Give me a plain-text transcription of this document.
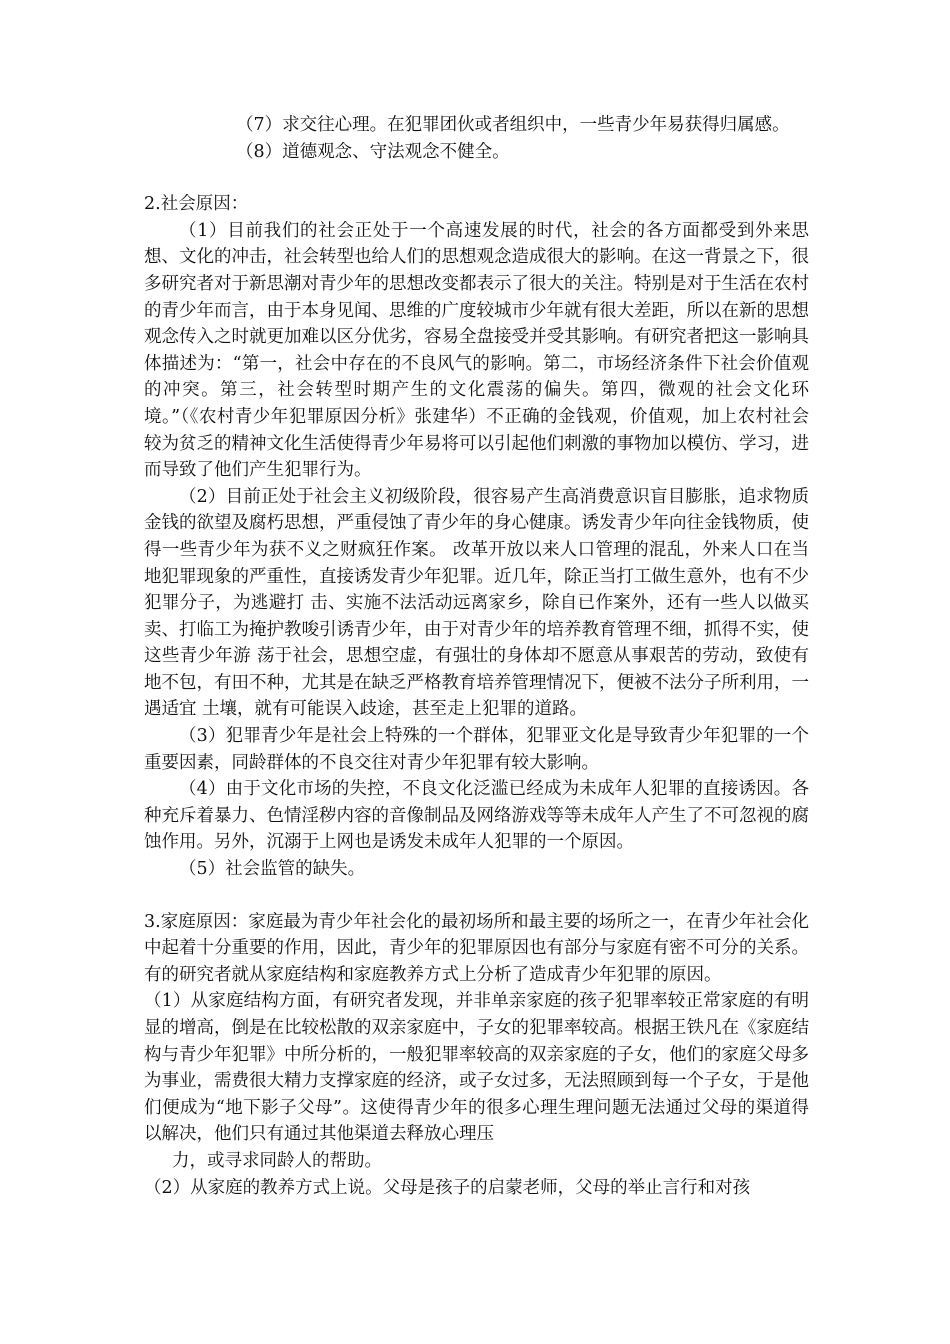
（7）求交往心理。在犯罪团伙或者组织中，一些青少年易获得归属感。

（8）道德观念、守法观念不健全。

2.社会原因：

（1）目前我们的社会正处于一个高速发展的时代，社会的各方面都受到外来思想、文化的冲击，社会转型也给人们的思想观念造成很大的影响。在这一背景之下，很多研究者对于新思潮对青少年的思想改变都表示了很大的关注。特别是对于生活在农村的青少年而言，由于本身见闻、思维的广度较城市少年就有很大差距，所以在新的思想观念传入之时就更加难以区分优劣，容易全盘接受并受其影响。有研究者把这一影响具体描述为：“第一，社会中存在的不良风气的影响。第二，市场经济条件下社会价值观的冲突。第三，社会转型时期产生的文化震荡的偏失。第四，微观的社会文化环境。”（《农村青少年犯罪原因分析》张建华）不正确的金钱观，价值观，加上农村社会较为贫乏的精神文化生活使得青少年易将可以引起他们刺激的事物加以模仿、学习，进而导致了他们产生犯罪行为。

（2）目前正处于社会主义初级阶段，很容易产生高消费意识盲目膨胀，追求物质金钱的欲望及腐朽思想，严重侵蚀了青少年的身心健康。诱发青少年向往金钱物质，使得一些青少年为获不义之财疯狂作案。 改革开放以来人口管理的混乱，外来人口在当地犯罪现象的严重性，直接诱发青少年犯罪。近几年，除正当打工做生意外，也有不少犯罪分子，为逃避打 击、实施不法活动远离家乡，除自已作案外，还有一些人以做买卖、打临工为掩护教唆引诱青少年，由于对青少年的培养教育管理不细，抓得不实，使这些青少年游 荡于社会，思想空虚，有强壮的身体却不愿意从事艰苦的劳动，致使有地不包，有田不种，尤其是在缺乏严格教育培养管理情况下，便被不法分子所利用，一遇适宜 土壤，就有可能误入歧途，甚至走上犯罪的道路。

（3）犯罪青少年是社会上特殊的一个群体，犯罪亚文化是导致青少年犯罪的一个重要因素，同龄群体的不良交往对青少年犯罪有较大影响。

（4）由于文化市场的失控，不良文化泛滥已经成为未成年人犯罪的直接诱因。各种充斥着暴力、色情淫秽内容的音像制品及网络游戏等等未成年人产生了不可忽视的腐蚀作用。另外，沉溺于上网也是诱发未成年人犯罪的一个原因。

（5）社会监管的缺失。

3.家庭原因：家庭最为青少年社会化的最初场所和最主要的场所之一，在青少年社会化中起着十分重要的作用，因此，青少年的犯罪原因也有部分与家庭有密不可分的关系。有的研究者就从家庭结构和家庭教养方式上分析了造成青少年犯罪的原因。

（1）从家庭结构方面，有研究者发现，并非单亲家庭的孩子犯罪率较正常家庭的有明显的增高，倒是在比较松散的双亲家庭中，子女的犯罪率较高。根据王铁凡在《家庭结构与青少年犯罪》中所分析的，一般犯罪率较高的双亲家庭的子女，他们的家庭父母多为事业，需费很大精力支撑家庭的经济，或子女过多，无法照顾到每一个子女，于是他们便成为“地下影子父母”。这使得青少年的很多心理生理问题无法通过父母的渠道得以解决，他们只有通过其他渠道去释放心理压

力，或寻求同龄人的帮助。

（2）从家庭的教养方式上说。父母是孩子的启蒙老师，父母的举止言行和对孩
